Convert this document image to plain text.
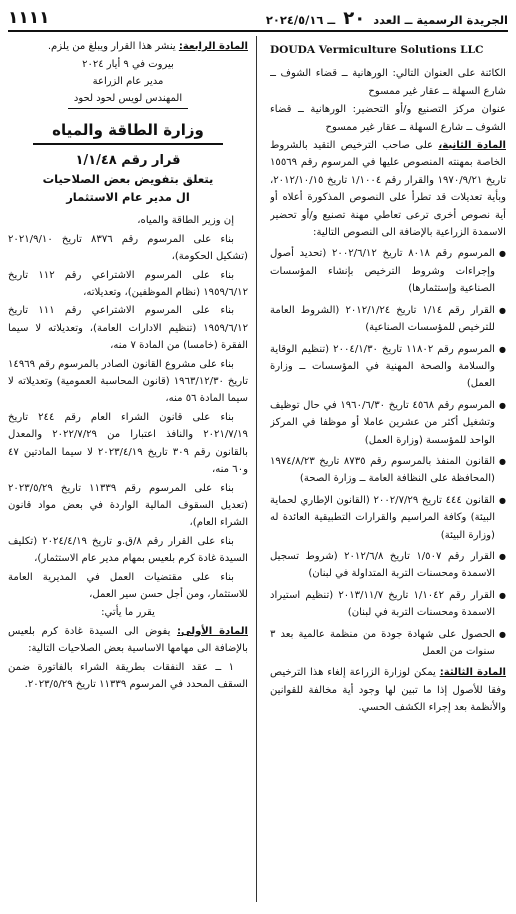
الجريدة الرسمية ــ العدد ٢٠ ــ ٢٠٢٤/٥/١٦
١١١١

DOUDA Vermiculture Solutions LLC

الكائنة على العنوان التالي: الورهانية ــ قضاء الشوف ــ شارع السهلة ــ عقار غير ممسوح

عنوان مركز التصنيع و/أو التحضير: الورهانية ــ قضاء الشوف ــ شارع السهلة ــ عقار غير ممسوح

المادة الثانية، على صاحب الترخيص التقيد بالشروط الخاصة بمهنته المنصوص عليها في المرسوم رقم ١٥٥٦٩ تاريخ ١٩٧٠/٩/٢١ والقرار رقم ١/١٠٠٤ تاريخ ٢٠١٢/١٠/١٥، وبأية تعديلات قد تطرأ على النصوص المذكورة أعلاه أو أية نصوص أخرى ترعى تعاطي مهنة تصنيع و/أو تحضير الاسمدة الزراعية بالإضافة الى النصوص التالية:

● المرسوم رقم ٨٠١٨ تاريخ ٢٠٠٢/٦/١٢ (تحديد أصول وإجراءات وشروط الترخيص بإنشاء المؤسسات الصناعية وإستثمارها)
● القرار رقم ١/١٤ تاريخ ٢٠١٢/١/٢٤ (الشروط العامة للترخيص للمؤسسات الصناعية)
● المرسوم رقم ١١٨٠٢ تاريخ ٢٠٠٤/١/٣٠ (تنظيم الوقاية والسلامة والصحة المهنية في المؤسسات ــ وزارة العمل)
● المرسوم رقم ٤٥٦٨ تاريخ ١٩٦٠/٦/٣٠ في حال توظيف وتشغيل أكثر من عشرين عاملا أو موظفا في المركز الواحد للمؤسسة (وزارة العمل)
● القانون المنفذ بالمرسوم رقم ٨٧٣٥ تاريخ ١٩٧٤/٨/٢٣ (المحافظة على النظافة العامة ــ وزارة الصحة)
● القانون ٤٤٤ تاريخ ٢٠٠٢/٧/٢٩ (القانون الإطاري لحماية البيئة) وكافة المراسيم والقرارات التطبيقية العائدة له (وزارة البيئة)
● القرار رقم ١/٥٠٧ تاريخ ٢٠١٢/٦/٨ (شروط تسجيل الاسمدة ومحسنات التربة المتداولة في لبنان)
● القرار رقم ١/١٠٤٢ تاريخ ٢٠١٣/١١/٧ (تنظيم استيراد الاسمدة ومحسنات التربة في لبنان)
● الحصول على شهادة جودة من منظمة عالمية بعد ٣ سنوات من العمل

المادة الثالثة: يمكن لوزارة الزراعة إلغاء هذا الترخيص وفقا للأصول إذا ما تبين لها وجود أية مخالفة للقوانين والأنظمة بعد إجراء الكشف الحسي.

المادة الرابعة: ينشر هذا القرار ويبلغ من يلزم.

بيروت في ٩ أيار ٢٠٢٤
مدير عام الزراعة
المهندس لويس لحود لحود
وزارة الطاقة والمياه
قرار رقم ١/١/٤٨
يتعلق بتفويض بعض الصلاحيات
ال مدير عام الاستثمار

إن وزير الطاقة والمياه،

بناء على المرسوم رقم ٨٣٧٦ تاريخ ٢٠٢١/٩/١٠ (تشكيل الحكومة)،

بناء على المرسوم الاشتراعي رقم ١١٢ تاريخ ١٩٥٩/٦/١٢ (نظام الموظفين)، وتعديلاته،

بناء على المرسوم الاشتراعي رقم ١١١ تاريخ ١٩٥٩/٦/١٢ (تنظيم الادارات العامة)، وتعديلاته لا سيما الفقرة (خامسا) من المادة ٧ منه،

بناء على مشروع القانون الصادر بالمرسوم رقم ١٤٩٦٩ تاريخ ١٩٦٣/١٢/٣٠ (قانون المحاسبة العمومية) وتعديلاته لا سيما المادة ٥٦ منه،

بناء على قانون الشراء العام رقم ٢٤٤ تاريخ ٢٠٢١/٧/١٩ والنافذ اعتبارا من ٢٠٢٢/٧/٢٩ والمعدل بالقانون رقم ٣٠٩ تاريخ ٢٠٢٣/٤/١٩ لا سيما المادتين ٤٧ و٦٠ منه،

بناء على المرسوم رقم ١١٣٣٩ تاريخ ٢٠٢٣/٥/٢٩ (تعديل السقوف المالية الواردة في بعض مواد قانون الشراء العام)،

بناء على القرار رقم ٨/ق.و تاريخ ٢٠٢٤/٤/١٩ (تكليف السيدة غادة كرم بلعيس بمهام مدير عام الاستثمار)،

بناء على مقتضيات العمل في المديرية العامة للاستثمار، ومن أجل حسن سير العمل،

يقرر ما يأتي:

المادة الأولى: يفوض الى السيدة غادة كرم بلعيس بالإضافة الى مهامها الاساسية بعض الصلاحيات التالية:

١ ــ عقد النفقات بطريقة الشراء بالفاتورة ضمن السقف المحدد في المرسوم ١١٣٣٩ تاريخ ٢٠٢٣/٥/٢٩.
